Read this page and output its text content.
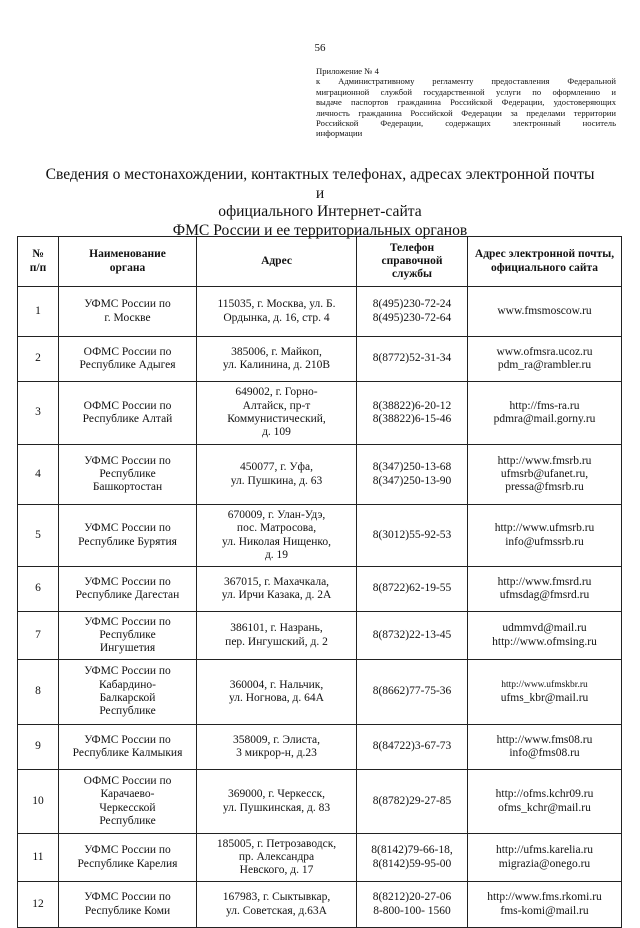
56
Приложение № 4
к Административному регламенту предоставления Федеральной
миграционной службой государственной услуги по оформлению и
выдаче паспортов гражданина Российской Федерации, удостоверяющих
личность гражданина Российской Федерации за пределами территории
Российской Федерации, содержащих электронный носитель
информации
Сведения о местонахождении, контактных телефонах, адресах электронной почты и
официального Интернет-сайта
ФМС России и ее территориальных органов
№
п/п	Наименование
органа	Адрес	Телефон
справочной
службы	Адрес электронной почты,
официального сайта

1	УФМС России по
г. Москве	115035, г. Москва, ул. Б.
Ордынка, д. 16, стр. 4	8(495)230-72-24
8(495)230-72-64	www.fmsmoscow.ru

2	ОФМС России по
Республике Адыгея	385006, г. Майкоп,
ул. Калинина, д. 210В	8(8772)52-31-34	www.ofmsra.ucoz.ru
pdm_ra@rambler.ru

3	ОФМС России по
Республике Алтай	649002, г. Горно-
Алтайск, пр-т
Коммунистический,
д. 109	8(38822)6-20-12
8(38822)6-15-46	http://fms-ra.ru
pdmra@mail.gorny.ru

4	УФМС России по
Республике
Башкортостан	450077, г. Уфа,
ул. Пушкина, д. 63	8(347)250-13-68
8(347)250-13-90	http://www.fmsrb.ru
ufmsrb@ufanet.ru,
pressa@fmsrb.ru

5	УФМС России по
Республике Бурятия	670009, г. Улан-Удэ,
пос. Матросова,
ул. Николая Нищенко,
д. 19	8(3012)55-92-53	http://www.ufmsrb.ru
info@ufmssrb.ru

6	УФМС России по
Республике Дагестан	367015, г. Махачкала,
ул. Ирчи Казака, д. 2А	8(8722)62-19-55	http://www.fmsrd.ru
ufmsdag@fmsrd.ru

7	УФМС России по
Республике
Ингушетия	386101, г. Назрань,
пер. Ингушский, д. 2	8(8732)22-13-45	udmmvd@mail.ru
http://www.ofmsing.ru

8	УФМС России по
Кабардино-
Балкарской
Республике	360004, г. Нальчик,
ул. Ногнова, д. 64А	8(8662)77-75-36	http://www.ufmskbr.ru
ufms_kbr@mail.ru

9	УФМС России по
Республике Калмыкия	358009, г. Элиста,
3 микрор-н, д.23	8(84722)3-67-73	http://www.fms08.ru
info@fms08.ru

10	ОФМС России по
Карачаево-
Черкесской
Республике	369000, г. Черкесск,
ул. Пушкинская, д. 83	8(8782)29-27-85	http://ofms.kchr09.ru
ofms_kchr@mail.ru

11	УФМС России по
Республике Карелия	185005, г. Петрозаводск,
пр. Александра
Невского, д. 17	8(8142)79-66-18,
8(8142)59-95-00	http://ufms.karelia.ru
migrazia@onego.ru

12	УФМС России по
Республике Коми	167983, г. Сыктывкар,
ул. Советская, д.63А	8(8212)20-27-06
8-800-100- 1560	http://www.fms.rkomi.ru
fms-komi@mail.ru
